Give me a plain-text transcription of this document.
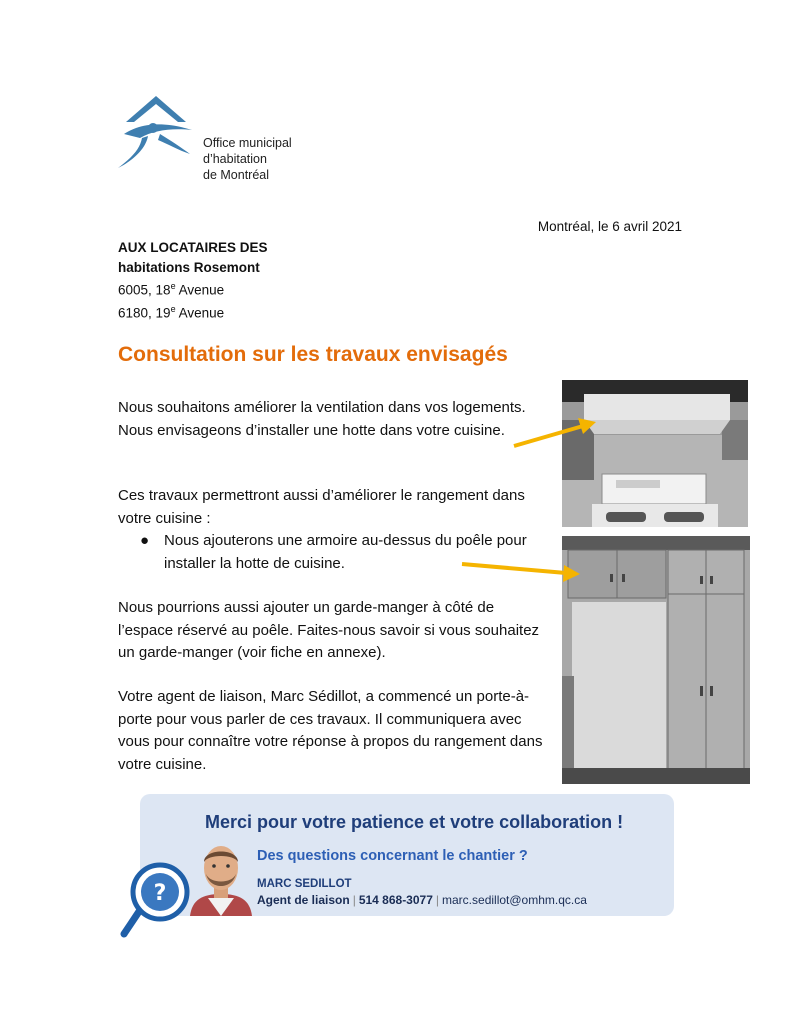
Office municipal
d’habitation
de Montréal
Montréal, le 6 avril 2021
AUX LOCATAIRES DES
habitations Rosemont
6005, 18e Avenue
6180, 19e Avenue
Consultation sur les travaux envisagés
Nous souhaitons améliorer la ventilation dans vos logements. Nous envisageons d’installer une hotte dans votre cuisine.
Ces travaux permettront aussi d’améliorer le rangement dans votre cuisine :
● Nous ajouterons une armoire au-dessus du poêle pour installer la hotte de cuisine.
Nous pourrions aussi ajouter un garde-manger à côté de l’espace réservé au poêle. Faites-nous savoir si vous souhaitez un garde-manger (voir fiche en annexe).
Votre agent de liaison, Marc Sédillot, a commencé un porte-à-porte pour vous parler de ces travaux. Il communiquera avec vous pour connaître votre réponse à propos du rangement dans votre cuisine.
Merci pour votre patience et votre collaboration !
Des questions concernant le chantier ?
?	MARC SEDILLOT
Agent de liaison | 514 868-3077 | marc.sedillot@omhm.qc.ca
